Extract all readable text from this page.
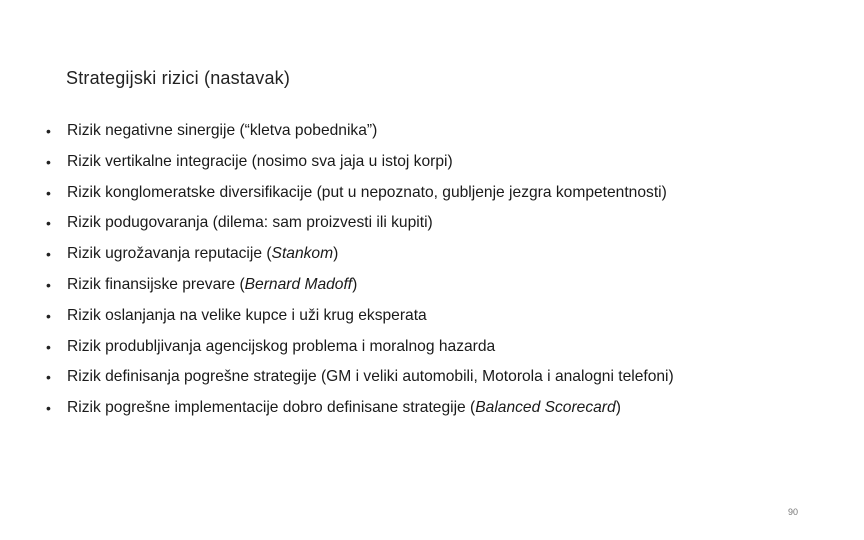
Strategijski rizici (nastavak)
•	Rizik negativne sinergije (“kletva pobednika”)
•	Rizik vertikalne integracije (nosimo sva jaja u istoj korpi)
•	Rizik konglomeratske diversifikacije (put u nepoznato, gubljenje jezgra kompetentnosti)
•	Rizik podugovaranja (dilema: sam proizvesti ili kupiti)
•	Rizik ugrožavanja reputacije (Stankom)
•	Rizik finansijske prevare (Bernard Madoff)
•	Rizik oslanjanja na velike kupce i uži krug eksperata
•	Rizik produbljivanja agencijskog problema i moralnog hazarda
•	Rizik definisanja pogrešne strategije (GM i veliki automobili, Motorola i analogni telefoni)
•	Rizik pogrešne implementacije dobro definisane strategije (Balanced Scorecard)
90
